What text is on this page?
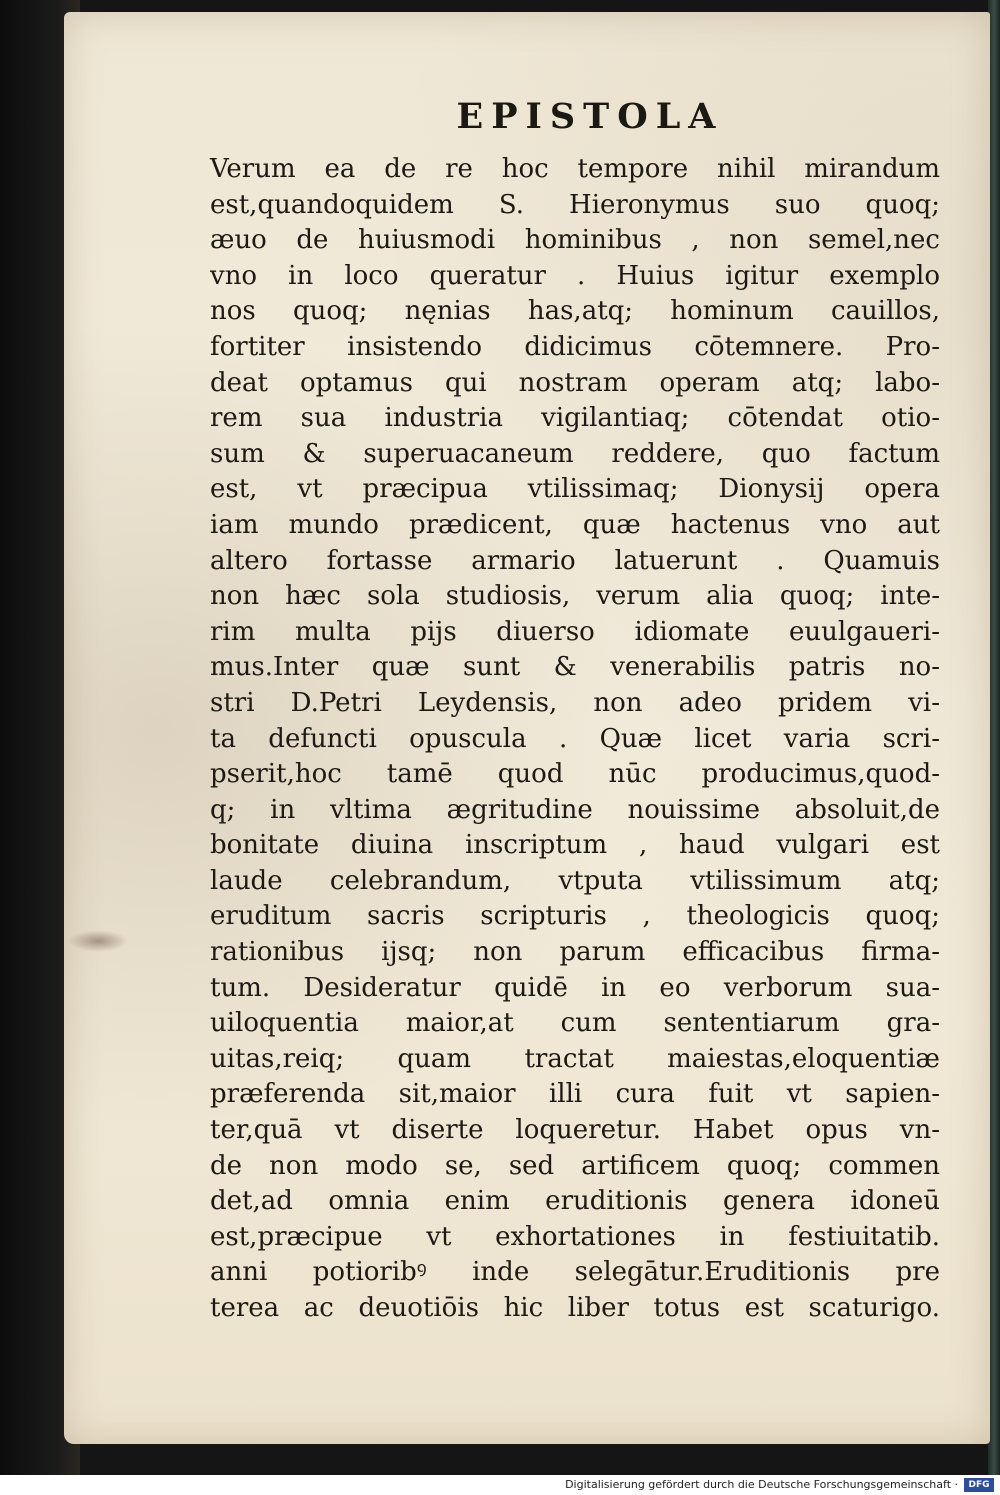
EPISTOLA
Verum ea de re hoc tempore nihil mirandum
est,quandoquidem S. Hieronymus suo quoq;
æuo de huiusmodi hominibus , non semel,nec
vno in loco queratur . Huius igitur exemplo
nos quoq; nęnias has,atq; hominum cauillos,
fortiter insistendo didicimus cōtemnere. Pro-
deat optamus qui nostram operam atq; labo-
rem sua industria vigilantiaq; cōtendat otio-
sum & superuacaneum reddere, quo factum
est, vt præcipua vtilissimaq; Dionysij opera
iam mundo prædicent, quæ hactenus vno aut
altero fortasse armario latuerunt . Quamuis
non hæc sola studiosis, verum alia quoq; inte-
rim multa pijs diuerso idiomate euulgaueri-
mus.Inter quæ sunt & venerabilis patris no-
stri D.Petri Leydensis, non adeo pridem vi-
ta defuncti opuscula . Quæ licet varia scri-
pserit,hoc tamē quod nūc producimus,quod-
q; in vltima ægritudine nouissime absoluit,de
bonitate diuina inscriptum , haud vulgari est
laude celebrandum, vtputa vtilissimum atq;
eruditum sacris scripturis , theologicis quoq;
rationibus ijsq; non parum efficacibus firma-
tum. Desideratur quidē in eo verborum sua-
uiloquentia maior,at cum sententiarum gra-
uitas,reiq; quam tractat maiestas,eloquentiæ
præferenda sit,maior illi cura fuit vt sapien-
ter,quā vt diserte loqueretur. Habet opus vn-
de non modo se, sed artificem quoq; commen
det,ad omnia enim eruditionis genera idoneū
est,præcipue vt exhortationes in festiuitatib.
anni potioribꝰ inde selegātur.Eruditionis pre
terea ac deuotiōis hic liber totus est scaturigo.
Digitalisierung gefördert durch die Deutsche Forschungsgemeinschaft ·	DFG
